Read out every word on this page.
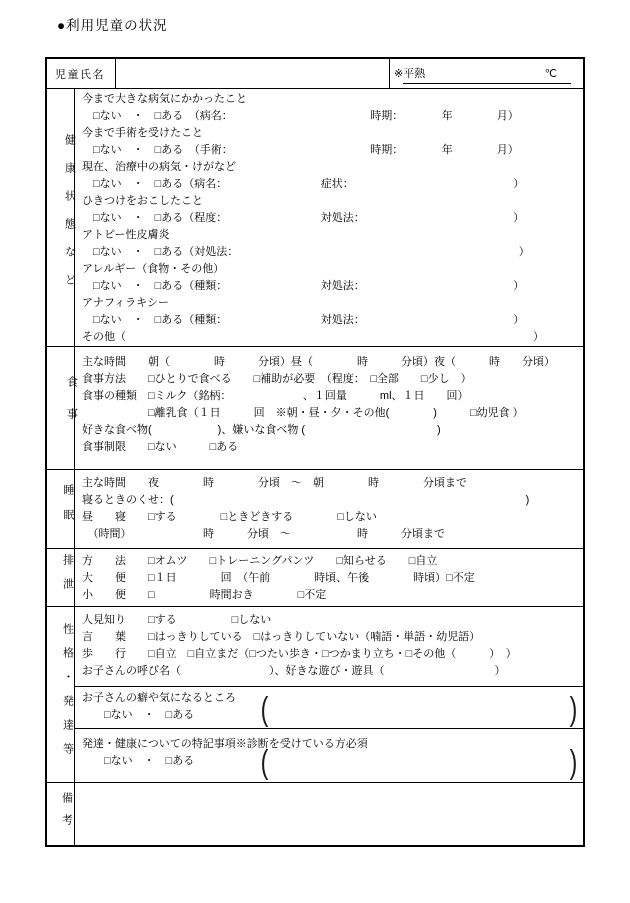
●利用児童の状況
児童氏名	※ 平熱	℃
健康状態など
今まで大きな病気にかかったこと
　□ない　・　□ある　（病名：　　　　　　　　　　　　　時期：　　　　年　　　　月）
今まで手術を受けたこと
　□ない　・　□ある　（手術：　　　　　　　　　　　　　時期：　　　　年　　　　月）
現在、治療中の病気・けがなど
　□ない　・　□ある（病名：　　　　　　　　　症状：　　　　　　　　　　　　　　　）
ひきつけをおこしたこと
　□ない　・　□ある（程度：　　　　　　　　　対処法：　　　　　　　　　　　　　　）
アトピー性皮膚炎
　□ない　・　□ある（対処法：　　　　　　　　　　　　　　　　　　　　　　　　　　）
アレルギー（食物・その他）
　□ない　・　□ある（種類：　　　　　　　　　対処法：　　　　　　　　　　　　　　）
アナフィラキシー
　□ない　・　□ある（種類：　　　　　　　　　対処法：　　　　　　　　　　　　　　）
その他（　　　　　　　　　　　　　　　　　　　　　　　　　　　　　　　　　　　　　）
食事
主な時間　　朝（　　　　時　　　分頃）昼（　　　　時　　　分頃）夜（　　　時　　分頃）
食事方法　　□ひとりで食べる　　□補助が必要　（程度：　□全部　　□少し　）
食事の種類　□ミルク（銘柄：　　　　　　　、１回量　　　ml、１日　　回）
　　　　　　□離乳食（１日　　　回　※朝・昼・夕・その他(　　　　)　　　□幼児食 ）
好きな食べ物(　　　　　　)、嫌いな食べ物 (　　　　　　　　　　　　)
食事制限　　□ない　　　□ある
睡眠
主な時間　　夜　　　　時　　　　分頃　～　朝　　　　時　　　　分頃まで
寝るときのくせ：(　　　　　　　　　　　　　　　　　　　　　　　　　　　　　　　　)
昼　　寝　　□する　　　　□ときどきする　　　　□しない
　（時間）　　　　　　　時　　　分頃　～　　　　　　時　　　分頃まで
排泄 方　　法　　□オムツ　　□トレーニングパンツ　　□知らせる　　□自立
大　　便　　□１日　　　　回　（午前　　　　時頃、午後　　　　時頃）□不定
小　　便　　□　　　　　時間おき　　　　□不定
性格・発達等
人見知り　　□する　　　　　□しない
言　　葉　　□はっきりしている　□はっきりしていない（喃語・単語・幼児語）
歩　　行　　□自立　□自立まだ（□つたい歩き・□つかまり立ち・□その他（　　　）　）
お子さんの呼び名（　　　　　　　　）、好きな遊び・遊具（　　　　　　　　　　）
お子さんの癖や気になるところ
　　□ない　・　□ある	(	)
発達・健康についての特記事項※診断を受けている方必須
　　□ない　・　□ある	(	)
備考
